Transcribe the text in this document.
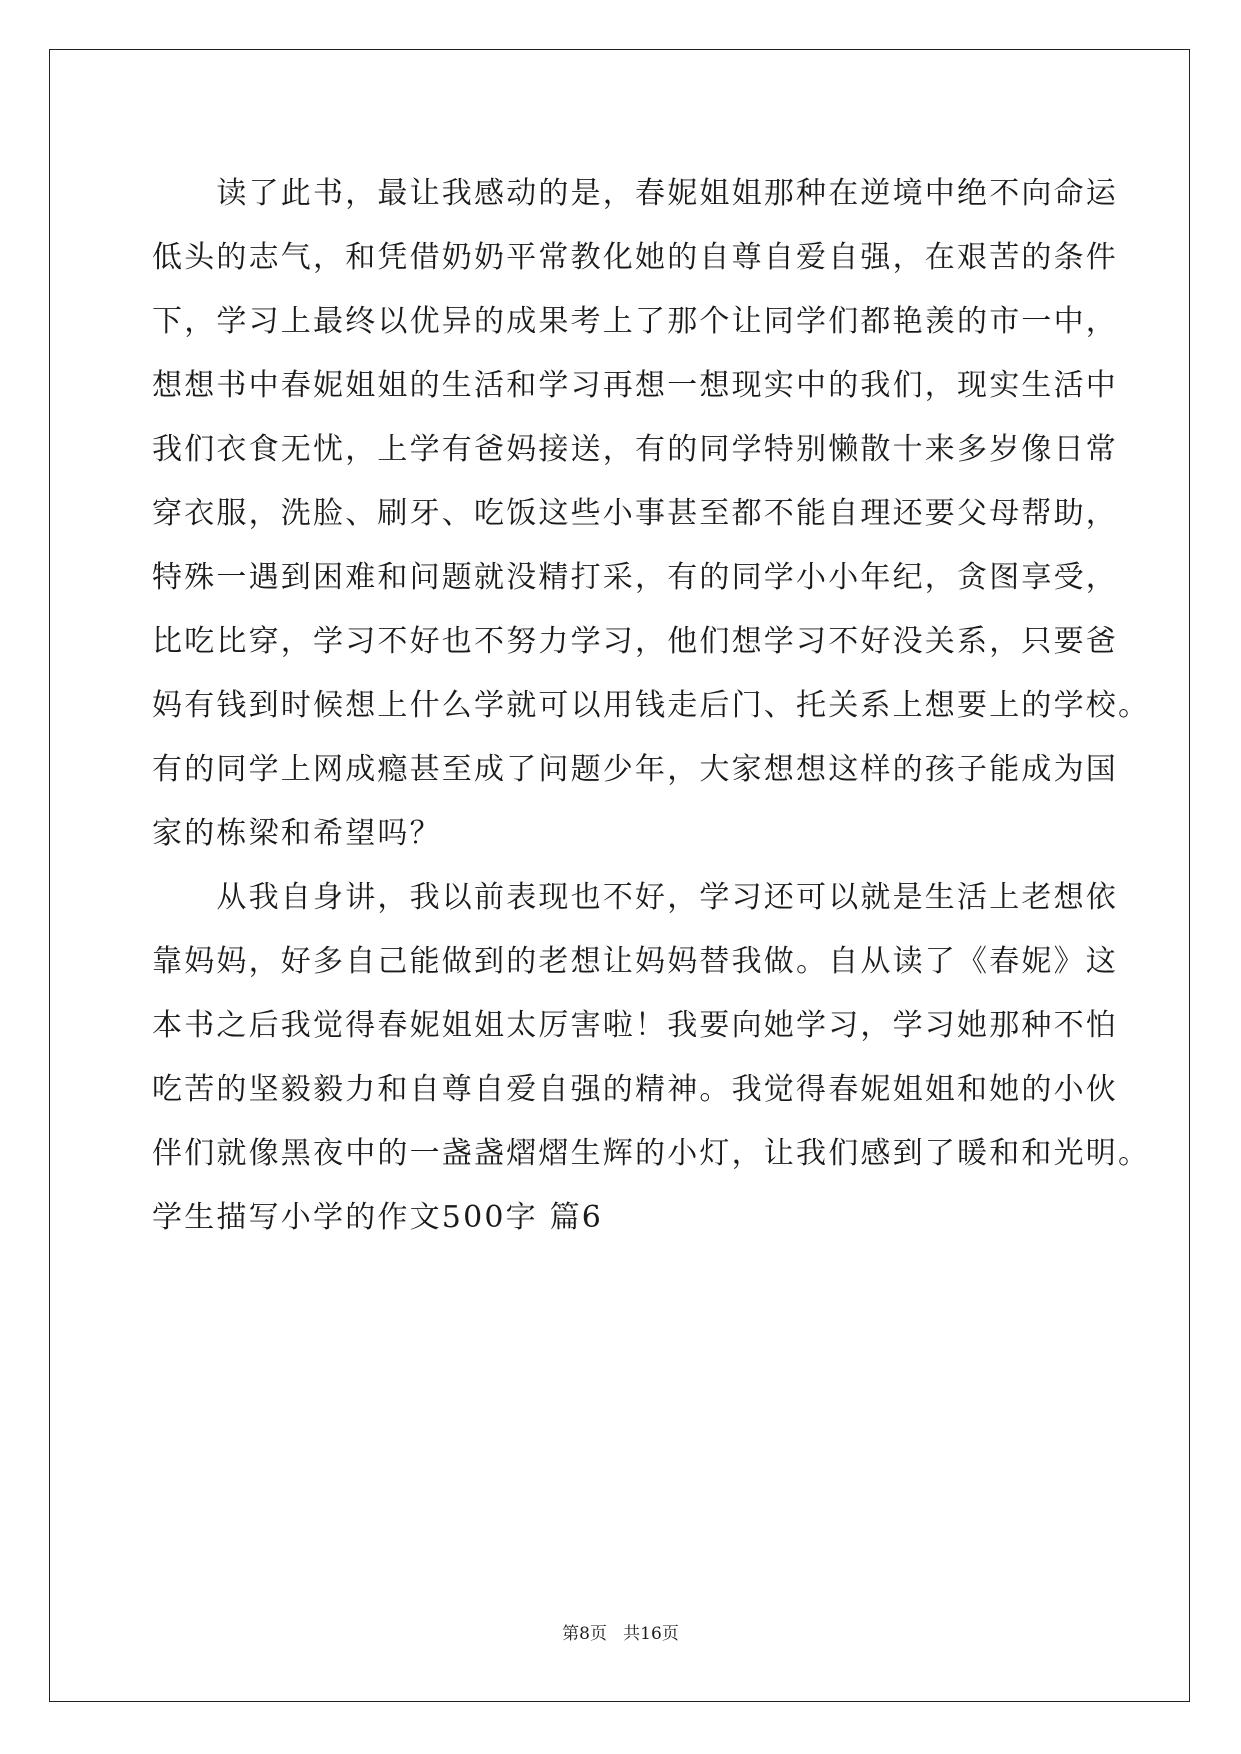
　　读了此书，最让我感动的是，春妮姐姐那种在逆境中绝不向命运
低头的志气，和凭借奶奶平常教化她的自尊自爱自强，在艰苦的条件
下，学习上最终以优异的成果考上了那个让同学们都艳羡的市一中，
想想书中春妮姐姐的生活和学习再想一想现实中的我们，现实生活中
我们衣食无忧，上学有爸妈接送，有的同学特别懒散十来多岁像日常
穿衣服，洗脸、刷牙、吃饭这些小事甚至都不能自理还要父母帮助，
特殊一遇到困难和问题就没精打采，有的同学小小年纪，贪图享受，
比吃比穿，学习不好也不努力学习，他们想学习不好没关系，只要爸
妈有钱到时候想上什么学就可以用钱走后门、托关系上想要上的学校。
有的同学上网成瘾甚至成了问题少年，大家想想这样的孩子能成为国
家的栋梁和希望吗？
　　从我自身讲，我以前表现也不好，学习还可以就是生活上老想依
靠妈妈，好多自己能做到的老想让妈妈替我做。自从读了《春妮》这
本书之后我觉得春妮姐姐太厉害啦！我要向她学习，学习她那种不怕
吃苦的坚毅毅力和自尊自爱自强的精神。我觉得春妮姐姐和她的小伙
伴们就像黑夜中的一盏盏熠熠生辉的小灯，让我们感到了暖和和光明。
学生描写小学的作文500字 篇6
第8页   共16页
